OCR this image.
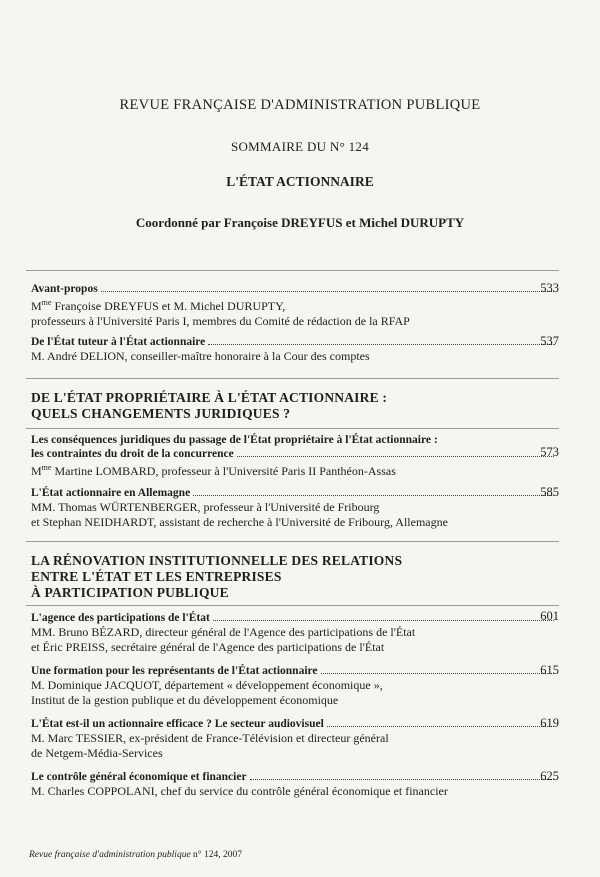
REVUE FRANÇAISE D'ADMINISTRATION PUBLIQUE
SOMMAIRE DU N° 124
L'ÉTAT ACTIONNAIRE
Coordonné par Françoise DREYFUS et Michel DURUPTY
Avant-propos	533
$M^{me}$ Françoise DREYFUS et M. Michel DURUPTY,
professeurs à l'Université Paris I, membres du Comité de rédaction de la RFAP
De l'État tuteur à l'État actionnaire	537
M. André DELION, conseiller-maître honoraire à la Cour des comptes
DE L'ÉTAT PROPRIÉTAIRE À L'ÉTAT ACTIONNAIRE :
QUELS CHANGEMENTS JURIDIQUES ?
Les conséquences juridiques du passage de l'État propriétaire à l'État actionnaire :
les contraintes du droit de la concurrence	573
$M^{me}$ Martine LOMBARD, professeur à l'Université Paris II Panthéon-Assas
L'État actionnaire en Allemagne	585
MM. Thomas WÜRTENBERGER, professeur à l'Université de Fribourg
et Stephan NEIDHARDT, assistant de recherche à l'Université de Fribourg, Allemagne
LA RÉNOVATION INSTITUTIONNELLE DES RELATIONS
ENTRE L'ÉTAT ET LES ENTREPRISES
À PARTICIPATION PUBLIQUE
L'agence des participations de l'État	601
MM. Bruno BÉZARD, directeur général de l'Agence des participations de l'État
et Éric PREISS, secrétaire général de l'Agence des participations de l'État
Une formation pour les représentants de l'État actionnaire	615
M. Dominique JACQUOT, département « développement économique »,
Institut de la gestion publique et du développement économique
L'État est-il un actionnaire efficace ? Le secteur audiovisuel	619
M. Marc TESSIER, ex-président de France-Télévision et directeur général
de Netgem-Média-Services
Le contrôle général économique et financier	625
M. Charles COPPOLANI, chef du service du contrôle général économique et financier
Revue française d'administration publique n° 124, 2007
